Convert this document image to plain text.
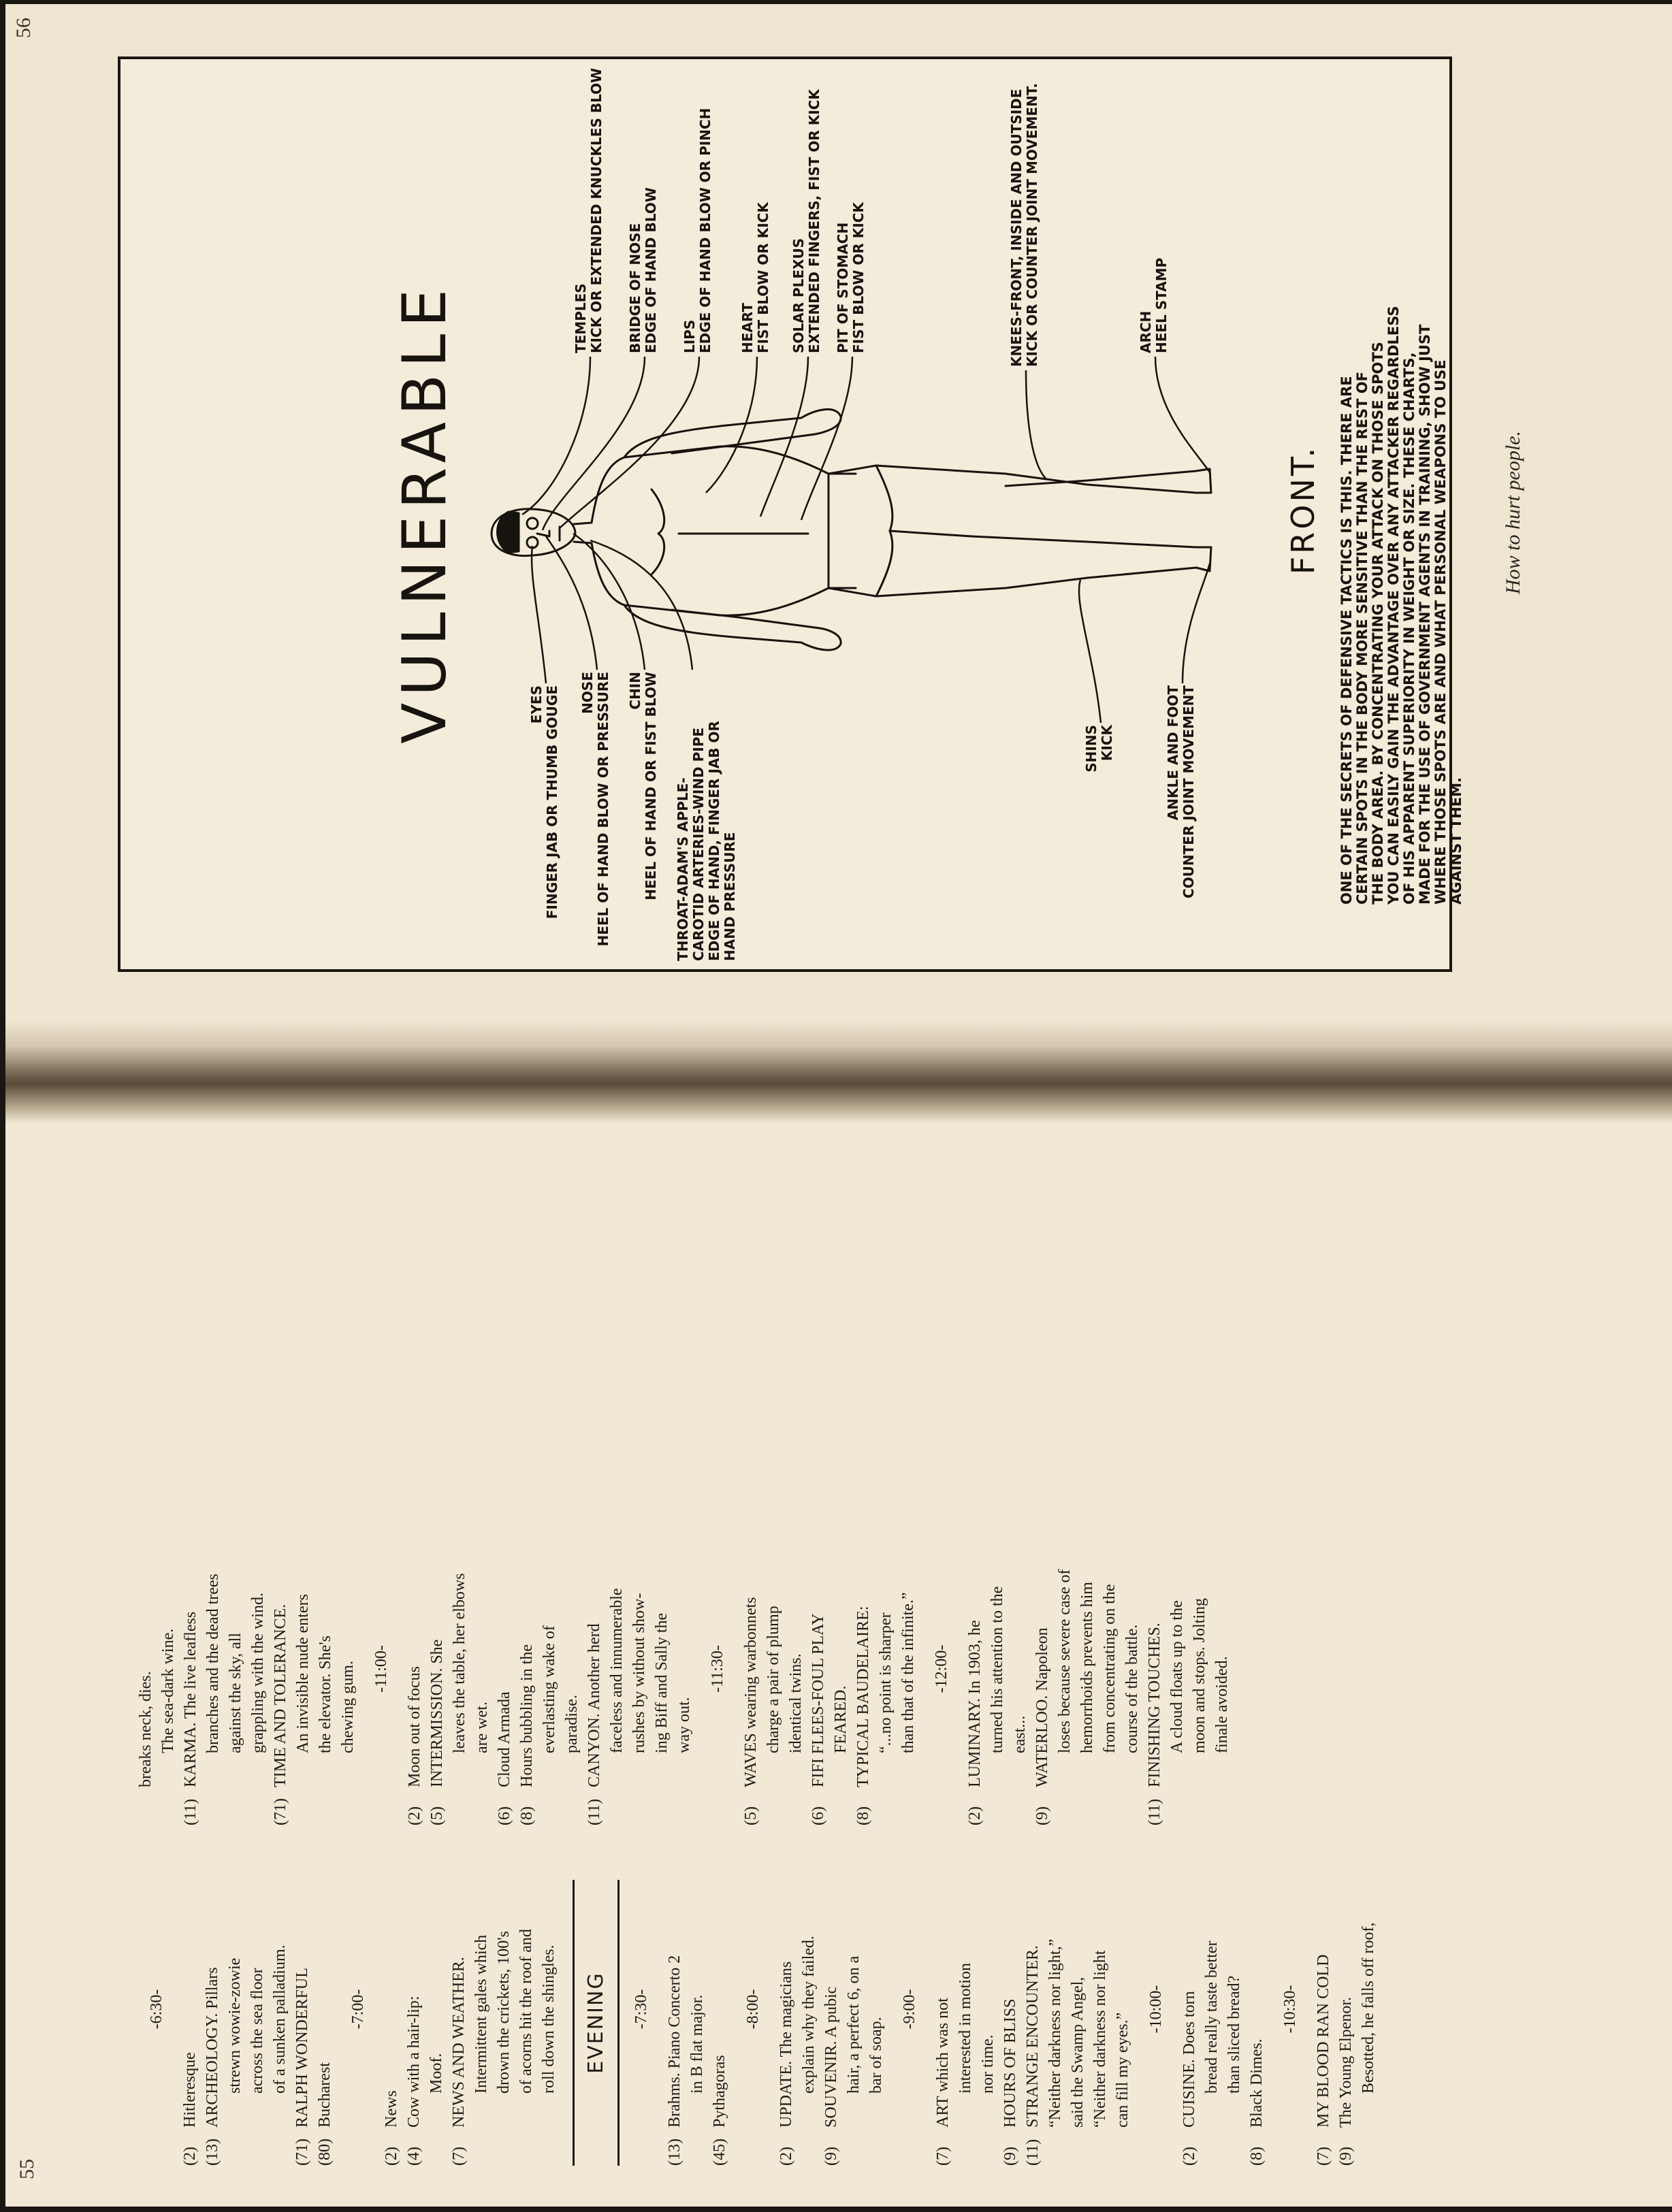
56
VULNERABLE	EYES FINGER JAB OR THUMB GOUGE NOSE HEEL OF HAND BLOW OR PRESSURE CHIN HEEL OF HAND OR FIST BLOW THROAT-ADAM'S APPLE- CAROTID ARTERIES-WIND PIPE EDGE OF HAND, FINGER JAB OR HAND PRESSURE
SHINS KICK	ANKLE AND FOOT COUNTER JOINT MOVEMENT
TEMPLES KICK OR EXTENDED KNUCKLES BLOW BRIDGE OF NOSE EDGE OF HAND BLOW LIPS EDGE OF HAND BLOW OR PINCH HEART FIST BLOW OR KICK SOLAR PLEXUS EXTENDED FINGERS, FIST OR KICK PIT OF STOMACH FIST BLOW OR KICK	KNEES-FRONT, INSIDE AND OUTSIDE KICK OR COUNTER JOINT MOVEMENT.	ARCH HEEL STAMP
FRONT. ONE OF THE SECRETS OF DEFENSIVE TACTICS IS THIS. THERE ARE CERTAIN SPOTS IN THE BODY MORE SENSITIVE THAN THE REST OF THE BODY AREA. BY CONCENTRATING YOUR ATTACK ON THOSE SPOTS YOU CAN EASILY GAIN THE ADVANTAGE OVER ANY ATTACKER REGARDLESS OF HIS APPARENT SUPERIORITY IN WEIGHT OR SIZE. THESE CHARTS, MADE FOR THE USE OF GOVERNMENT AGENTS IN TRAINING, SHOW JUST WHERE THOSE SPOTS ARE AND WHAT PERSONAL WEAPONS TO USE AGAINST THEM.
How to hurt people.
55
-6:30-
(2)
Hitleresque
(13)
ARCHEOLOGY. Pillars strewn wowie-zowie across the sea floor of a sunken palladium.
(71)
RALPH WONDERFUL
(80)
Bucharest
-7:00-
(2)
News
(4)
Cow with a hair-lip: Moof.
(7)
NEWS AND WEATHER. Intermittent gales which drown the crickets, 100's of acorns hit the roof and roll down the shingles.	EVENING	-7:30-
(13)
Brahms. Piano Concerto 2 in B flat major.
(45)
Pythagoras
-8:00-
(2)
UPDATE. The magicians explain why they failed.
(9)
SOUVENIR. A pubic hair, a perfect 6, on a bar of soap.
-9:00-
(7)
ART which was not interested in motion nor time.
(9)
HOURS OF BLISS
(11)
STRANGE ENCOUNTER. “Neither darkness nor light,” said the Swamp Angel, “Neither darkness nor light can fill my eyes.”
-10:00-
(2)
CUISINE. Does torn bread really taste better than sliced bread?
(8)
Black Dimes.
-10:30-
(7)
MY BLOOD RAN COLD
(9)
The Young Elpenor. Besotted, he falls off roof,
breaks neck, dies. The sea-dark wine.
(11)
KARMA. The live leafless branches and the dead trees against the sky, all grappling with the wind.
(71)
TIME AND TOLERANCE. An invisible nude enters the elevator. She's chewing gum. -11:00-
(2)
Moon out of focus
(5)
INTERMISSION. She leaves the table, her elbows are wet.
(6)
Cloud Armada
(8)
Hours bubbling in the everlasting wake of paradise.
(11)
CANYON. Another herd faceless and innumerable rushes by without show- ing Biff and Sally the way out.
-11:30-
(5)
WAVES wearing warbonnets charge a pair of plump identical twins.
(6)
FIFI FLEES-FOUL PLAY FEARED.
(8)
TYPICAL BAUDELAIRE: “...no point is sharper than that of the infinite.” -12:00-
(2)
LUMINARY. In 1903, he turned his attention to the east...
(9)
WATERLOO. Napoleon loses because severe case of hemorrhoids prevents him from concentrating on the course of the battle.
(11)
FINISHING TOUCHES. A cloud floats up to the moon and stops. Jolting finale avoided.
